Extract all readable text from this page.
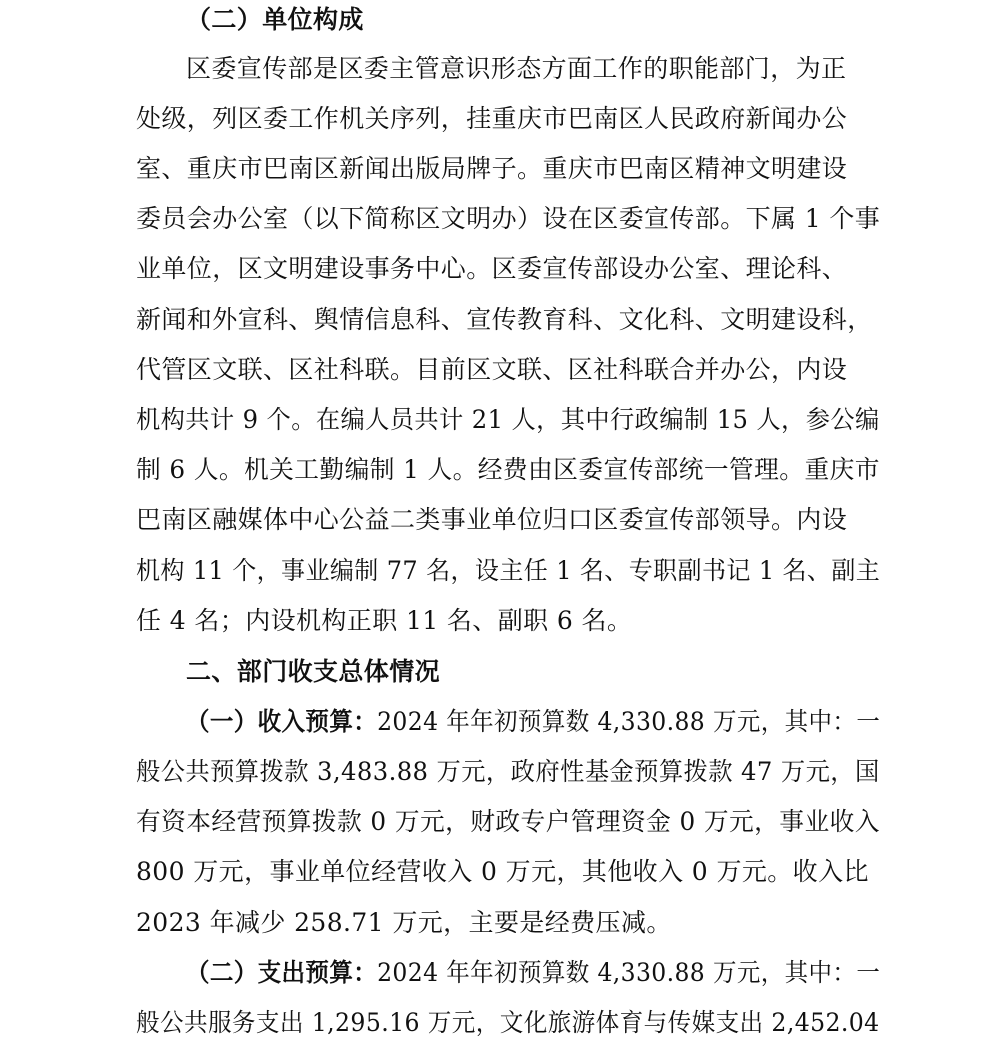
（二）单位构成
区委宣传部是区委主管意识形态方面工作的职能部门，为正
处级，列区委工作机关序列，挂重庆市巴南区人民政府新闻办公
室、重庆市巴南区新闻出版局牌子。重庆市巴南区精神文明建设
委员会办公室（以下简称区文明办）设在区委宣传部。下属 1 个事
业单位，区文明建设事务中心。区委宣传部设办公室、理论科、
新闻和外宣科、舆情信息科、宣传教育科、文化科、文明建设科，
代管区文联、区社科联。目前区文联、区社科联合并办公，内设
机构共计 9 个。在编人员共计 21 人，其中行政编制 15 人，参公编
制 6 人。机关工勤编制 1 人。经费由区委宣传部统一管理。重庆市
巴南区融媒体中心公益二类事业单位归口区委宣传部领导。内设
机构 11 个，事业编制 77 名，设主任 1 名、专职副书记 1 名、副主
任 4 名；内设机构正职 11 名、副职 6 名。
二、部门收支总体情况
（一）收入预算：2024 年年初预算数 4,330.88 万元，其中：一
般公共预算拨款 3,483.88 万元，政府性基金预算拨款 47 万元，国
有资本经营预算拨款 0 万元，财政专户管理资金 0 万元，事业收入
800 万元，事业单位经营收入 0 万元，其他收入 0 万元。收入比
2023 年减少 258.71 万元，主要是经费压减。
（二）支出预算：2024 年年初预算数 4,330.88 万元，其中：一
般公共服务支出 1,295.16 万元，文化旅游体育与传媒支出 2,452.04
